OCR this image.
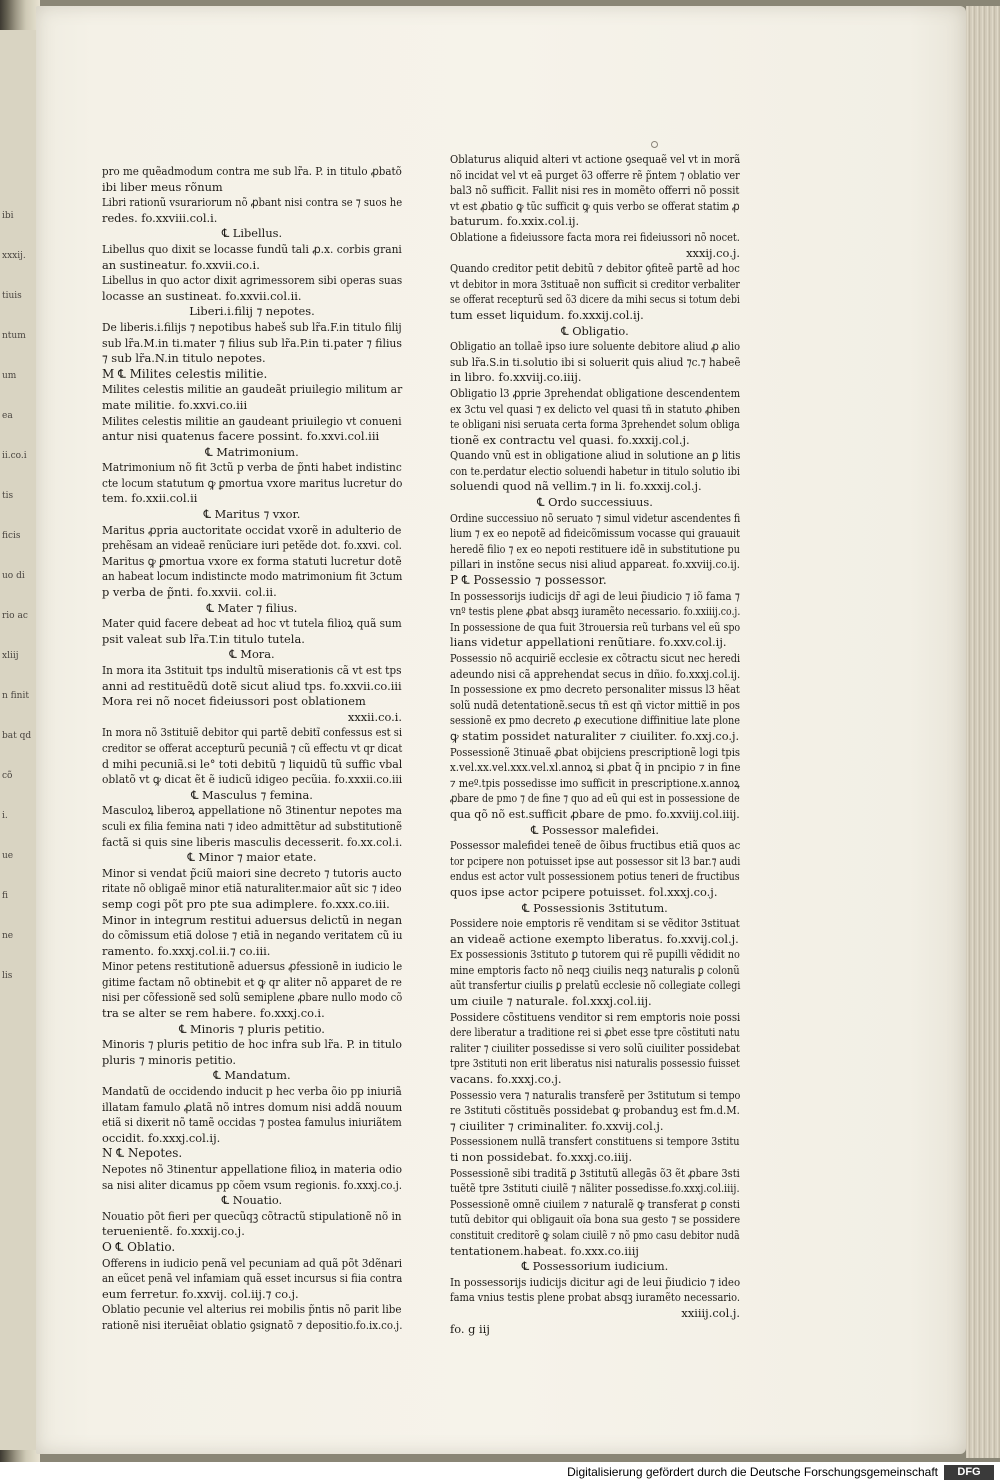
ibi
xxxij.
tiuis
ntum
um
ea
ii.co.i
tis
ficis
uo di
rio ac
xliij
n finit
bat qd
cõ
i.
ue
fi
ne
lis
pro me quẽadmodum contra me sub lr̃a. P. in titulo ꝓbatõ
ibi liber meus rõnum
Libri rationũ vsurariorum nõ ꝓbant nisi contra se ⁊ suos he
redes. fo.xxviii.col.i.
℄ Libellus.
Libellus quo dixit se locasse fundũ tali ꝓ.x. corbis grani
an sustineatur. fo.xxvii.co.i.
Libellus in quo actor dixit agrimessorem sibi operas suas
locasse an sustineat. fo.xxvii.col.ii.
Liberi.i.filij ⁊ nepotes.
De liberis.i.filijs ⁊ nepotibus habeš sub lr̃a.F.in titulo filij
sub lr̃a.M.in ti.mater ⁊ filius sub lr̃a.P.in ti.pater ⁊ filius
⁊ sub lr̃a.N.in titulo nepotes.
M ℄ Milites celestis militie.
Milites celestis militie an gaudeãt priuilegio militum ar
mate militie. fo.xxvi.co.iii
Milites celestis militie an gaudeant priuilegio vt conueni
antur nisi quatenus facere possint. fo.xxvi.col.iii
℄ Matrimonium.
Matrimonium nõ fit 3ctũ p verba de p̃nti habet indistinc
cte locum statutum ꝙ ꝑmortua vxore maritus lucretur do
tem. fo.xxii.col.ii
℄ Maritus ⁊ vxor.
Maritus ꝓpria auctoritate occidat vxorẽ in adulterio de
prehẽsam an videaẽ renũciare iuri petẽde dot. fo.xxvi. col.
Maritus ꝙ ꝑmortua vxore ex forma statuti lucretur dotẽ
an habeat locum indistincte modo matrimonium fit 3ctum
p verba de p̃nti. fo.xxvii. col.ii.
℄ Mater ⁊ filius.
Mater quid facere debeat ad hoc vt tutela filioꝝ quã sum
psit valeat sub lr̃a.T.in titulo tutela.
℄ Mora.
In mora ita 3stituit tps indultũ miserationis cã vt est tps
anni ad restituẽdũ dotẽ sicut aliud tps. fo.xxvii.co.iii
Mora rei nõ nocet fideiussori post oblationem
xxxii.co.i.
In mora nõ 3stituiẽ debitor qui partẽ debitĩ confessus est si
creditor se offerat accepturũ pecuniã ⁊ cũ effectu vt qr dicat
d mihi pecuniã.si le° toti debitũ ⁊ liquidũ tũ suffic vbal
oblatõ vt ꝙ dicat ẽt ẽ iudicũ idigeo pecũia. fo.xxxii.co.iii
℄ Masculus ⁊ femina.
Masculoꝝ liberoꝝ appellatione nõ 3tinentur nepotes ma
sculi ex filia femina nati ⁊ ideo admittẽtur ad substitutionẽ
factã si quis sine liberis masculis decesserit. fo.xx.col.i.
℄ Minor ⁊ maior etate.
Minor si vendat p̃ciũ maiori sine decreto ⁊ tutoris aucto
ritate nõ obligaẽ minor etiã naturaliter.maior aũt sic ⁊ ideo
semp cogi põt pro pte sua adimplere. fo.xxx.co.iii.
Minor in integrum restitui aduersus delictũ in negan
do cõmissum etiã dolose ⁊ etiã in negando veritatem cũ iu
ramento. fo.xxxj.col.ii.⁊ co.iii.
Minor petens restitutionẽ aduersus ꝓfessionẽ in iudicio le
gitime factam nõ obtinebit et ꝙ qr aliter nõ apparet de re
nisi per cõfessionẽ sed solũ semiplene ꝓbare nullo modo cõ
tra se alter se rem habere. fo.xxxj.co.i.
℄ Minoris ⁊ pluris petitio.
Minoris ⁊ pluris petitio de hoc infra sub lr̃a. P. in titulo
pluris ⁊ minoris petitio.
℄ Mandatum.
Mandatũ de occidendo inducit p hec verba õio pp iniuriã
illatam famulo ꝓlatã nõ intres domum nisi addã nouum
etiã si dixerit nõ tamẽ occidas ⁊ postea famulus iniuriãtem
occidit. fo.xxxj.col.ij.
N ℄ Nepotes.
Nepotes nõ 3tinentur appellatione filioꝝ in materia odio
sa nisi aliter dicamus pp cõem vsum regionis. fo.xxxj.co.j.
℄ Nouatio.
Nouatio põt fieri per quecũqꝫ cõtractũ stipulationẽ nõ in
teruenientẽ. fo.xxxij.co.j.
O ℄ Oblatio.
Offerens in iudicio penã vel pecuniam ad quã põt 3dẽnari
an eũcet penã vel infamiam quã esset incursus si fiia contra
eum ferretur. fo.xxvij. col.iij.⁊ co.j.
Oblatio pecunie vel alterius rei mobilis p̃ntis nõ parit libe
rationẽ nisi iteruẽiat oblatio ꝯsignatõ ⁊ depositio.fo.ix.co.j.
Oblaturus aliquid alteri vt actione ꝯsequaẽ vel vt in morã
nõ incidat vel vt eã purget õ3 offerre rẽ p̃ntem ⁊ oblatio ver
bal3 nõ sufficit. Fallit nisi res in momẽto offerri nõ possit
vt est ꝓbatio ꝙ tũc sufficit ꝙ quis verbo se offerat statim ꝓ
baturum. fo.xxix.col.ij.
Oblatione a fideiussore facta mora rei fideiussori nõ nocet.
xxxij.co.j.
Quando creditor petit debitũ ⁊ debitor ꝯfiteẽ partẽ ad hoc
vt debitor in mora 3stituaẽ non sufficit si creditor verbaliter
se offerat recepturũ sed õ3 dicere da mihi secus si totum debi
tum esset liquidum. fo.xxxij.col.ij.
℄ Obligatio.
Obligatio an tollaẽ ipso iure soluente debitore aliud ꝓ alio
sub lr̃a.S.in ti.solutio ibi si soluerit quis aliud ⁊c.⁊ habeẽ
in libro. fo.xxviij.co.iiij.
Obligatio l3 ꝓprie 3prehendat obligatione descendentem
ex 3ctu vel quasi ⁊ ex delicto vel quasi tñ in statuto ꝓhiben
te obligani nisi seruata certa forma 3prehendet solum obliga
tionẽ ex contractu vel quasi. fo.xxxij.col.j.
Quando vnũ est in obligatione aliud in solutione an ꝑ litis
con te.perdatur electio soluendi habetur in titulo solutio ibi
soluendi quod nã vellim.⁊ in li. fo.xxxij.col.j.
℄ Ordo successiuus.
Ordine successiuo nõ seruato ⁊ simul videtur ascendentes fi
lium ⁊ ex eo nepotẽ ad fideicõmissum vocasse qui grauauit
heredẽ filio ⁊ ex eo nepoti restituere idẽ in substitutione pu
pillari in instõne secus nisi aliud appareat. fo.xxviij.co.ij.
P ℄ Possessio ⁊ possessor.
In possessorijs iudicijs dr̃ agi de leui p̃iudicio ⁊ iõ fama ⁊
vnº testis plene ꝓbat absqꝫ iuramẽto necessario. fo.xxiiij.co.j.
In possessione de qua fuit 3trouersia reũ turbans vel eũ spo
lians videtur appellationi renũtiare. fo.xxv.col.ij.
Possessio nõ acquiriẽ ecclesie ex cõtractu sicut nec heredi
adeundo nisi cã apprehendat secus in dñio. fo.xxxj.col.ij.
In possessione ex pmo decreto personaliter missus l3 hẽat
solũ nudã detentationẽ.secus tñ est qñ victor mittiẽ in pos
sessionẽ ex pmo decreto ꝓ executione diffinitiue late plone
ꝙ statim possidet naturaliter ⁊ ciuiliter. fo.xxj.co.j.
Possessionẽ 3tinuaẽ ꝓbat obijciens prescriptionẽ logi tpis
x.vel.xx.vel.xxx.vel.xl.annoꝝ si ꝓbat q̃ in pncipio ⁊ in fine
⁊ meº.tpis possedisse imo sufficit in prescriptione.x.annoꝝ
ꝓbare de pmo ⁊ de fine ⁊ quo ad eũ qui est in possessione de
qua qõ nõ est.sufficit ꝓbare de pmo. fo.xxviij.col.iiij.
℄ Possessor malefidei.
Possessor malefidei teneẽ de õibus fructibus etiã quos ac
tor pcipere non potuisset ipse aut possessor sit l3 bar.⁊ audi
endus est actor vult possessionem potius teneri de fructibus
quos ipse actor pcipere potuisset. fol.xxxj.co.j.
℄ Possessionis 3stitutum.
Possidere noie emptoris rẽ venditam si se vẽditor 3stituat
an videaẽ actione exempto liberatus. fo.xxvij.col.j.
Ex possessionis 3stituto ꝑ tutorem qui rẽ pupilli vẽdidit no
mine emptoris facto nõ neqꝫ ciuilis neqꝫ naturalis ꝑ colonũ
aũt transfertur ciuilis ꝑ prelatũ ecclesie nõ collegiate collegi
um ciuile ⁊ naturale. fol.xxxj.col.iij.
Possidere cõstituens venditor si rem emptoris noie possi
dere liberatur a traditione rei si ꝓbet esse tpre cõstituti natu
raliter ⁊ ciuiliter possedisse si vero solũ ciuiliter possidebat
tpre 3stituti non erit liberatus nisi naturalis possessio fuisset
vacans. fo.xxxj.co.j.
Possessio vera ⁊ naturalis transferẽ per 3stitutum si tempo
re 3stituti cõstituẽs possidebat ꝙ probanduꝫ est fm.d.M.
⁊ ciuiliter ⁊ criminaliter. fo.xxvij.col.j.
Possessionem nullã transfert constituens si tempore 3stitu
ti non possidebat. fo.xxxj.co.iiij.
Possessionẽ sibi traditã ꝑ 3stitutũ allegãs õ3 ẽt ꝓbare 3sti
tuẽtẽ tpre 3stituti ciuilẽ ⁊ nãliter possedisse.fo.xxxj.col.iiij.
Possessionẽ omnẽ ciuilem ⁊ naturalẽ ꝙ transferat ꝑ consti
tutũ debitor qui obligauit oĩa bona sua gesto ⁊ se possidere
constituit creditorẽ ꝙ solam ciuilẽ ⁊ nõ pmo casu debitor nudã
tentationem.habeat. fo.xxx.co.iiij
℄ Possessorium iudicium.
In possessorijs iudicijs dicitur agi de leui p̃iudicio ⁊ ideo
fama vnius testis plene probat absqꝫ iuramẽto necessario.
xxiiij.col.j.
fo. g iij
Digitalisierung gefördert durch die Deutsche Forschungsgemeinschaft	DFG
